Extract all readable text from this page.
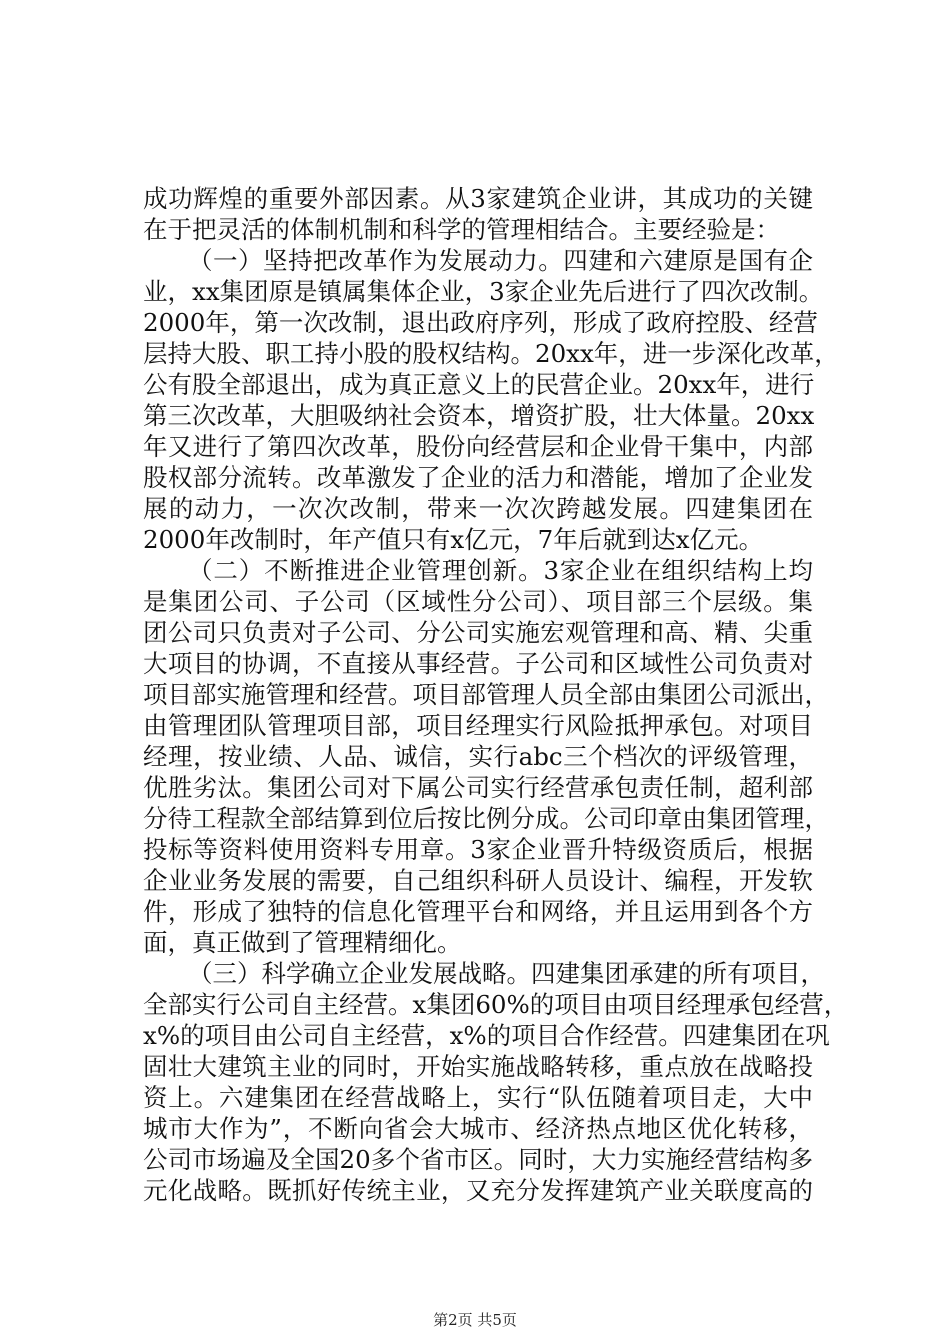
成功辉煌的重要外部因素。从3家建筑企业讲，其成功的关键
在于把灵活的体制机制和科学的管理相结合。主要经验是：
（一）坚持把改革作为发展动力。四建和六建原是国有企
业，xx集团原是镇属集体企业，3家企业先后进行了四次改制。
2000年，第一次改制，退出政府序列，形成了政府控股、经营
层持大股、职工持小股的股权结构。20xx年，进一步深化改革，
公有股全部退出，成为真正意义上的民营企业。20xx年，进行
第三次改革，大胆吸纳社会资本，增资扩股，壮大体量。20xx
年又进行了第四次改革，股份向经营层和企业骨干集中，内部
股权部分流转。改革激发了企业的活力和潜能，增加了企业发
展的动力，一次次改制，带来一次次跨越发展。四建集团在
2000年改制时，年产值只有x亿元，7年后就到达x亿元。
（二）不断推进企业管理创新。3家企业在组织结构上均
是集团公司、子公司（区域性分公司）、项目部三个层级。集
团公司只负责对子公司、分公司实施宏观管理和高、精、尖重
大项目的协调，不直接从事经营。子公司和区域性公司负责对
项目部实施管理和经营。项目部管理人员全部由集团公司派出，
由管理团队管理项目部，项目经理实行风险抵押承包。对项目
经理，按业绩、人品、诚信，实行abc三个档次的评级管理，
优胜劣汰。集团公司对下属公司实行经营承包责任制，超利部
分待工程款全部结算到位后按比例分成。公司印章由集团管理，
投标等资料使用资料专用章。3家企业晋升特级资质后，根据
企业业务发展的需要，自己组织科研人员设计、编程，开发软
件，形成了独特的信息化管理平台和网络，并且运用到各个方
面，真正做到了管理精细化。
（三）科学确立企业发展战略。四建集团承建的所有项目，
全部实行公司自主经营。x集团60%的项目由项目经理承包经营，
x%的项目由公司自主经营，x%的项目合作经营。四建集团在巩
固壮大建筑主业的同时，开始实施战略转移，重点放在战略投
资上。六建集团在经营战略上，实行“队伍随着项目走，大中
城市大作为”，不断向省会大城市、经济热点地区优化转移，
公司市场遍及全国20多个省市区。同时，大力实施经营结构多
元化战略。既抓好传统主业，又充分发挥建筑产业关联度高的
第2页 共5页
